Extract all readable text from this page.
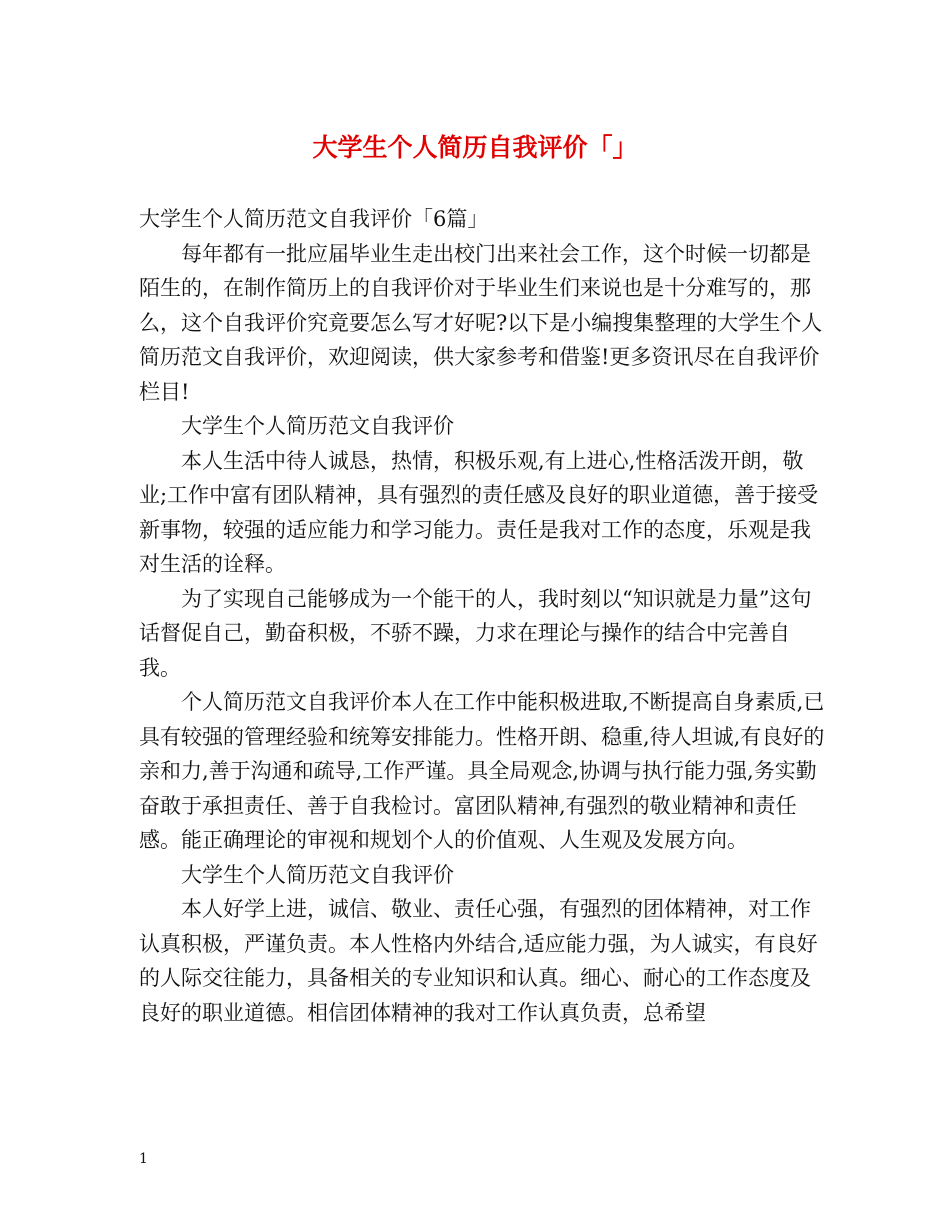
大学生个人简历自我评价「」

大学生个人简历范文自我评价「6篇」

每年都有一批应届毕业生走出校门出来社会工作，这个时候一切都是陌生的，在制作简历上的自我评价对于毕业生们来说也是十分难写的，那么，这个自我评价究竟要怎么写才好呢?以下是小编搜集整理的大学生个人简历范文自我评价，欢迎阅读，供大家参考和借鉴!更多资讯尽在自我评价栏目!

大学生个人简历范文自我评价

本人生活中待人诚恳，热情，积极乐观,有上进心,性格活泼开朗，敬业;工作中富有团队精神，具有强烈的责任感及良好的职业道德，善于接受新事物，较强的适应能力和学习能力。责任是我对工作的态度，乐观是我对生活的诠释。

为了实现自己能够成为一个能干的人，我时刻以“知识就是力量”这句话督促自己，勤奋积极，不骄不躁，力求在理论与操作的结合中完善自我。

个人简历范文自我评价本人在工作中能积极进取,不断提高自身素质,已具有较强的管理经验和统筹安排能力。性格开朗、稳重,待人坦诚,有良好的亲和力,善于沟通和疏导,工作严谨。具全局观念,协调与执行能力强,务实勤奋敢于承担责任、善于自我检讨。富团队精神,有强烈的敬业精神和责任感。能正确理论的审视和规划个人的价值观、人生观及发展方向。

大学生个人简历范文自我评价

本人好学上进，诚信、敬业、责任心强，有强烈的团体精神，对工作认真积极，严谨负责。本人性格内外结合,适应能力强，为人诚实，有良好的人际交往能力，具备相关的专业知识和认真。细心、耐心的工作态度及良好的职业道德。相信团体精神的我对工作认真负责，总希望

1
